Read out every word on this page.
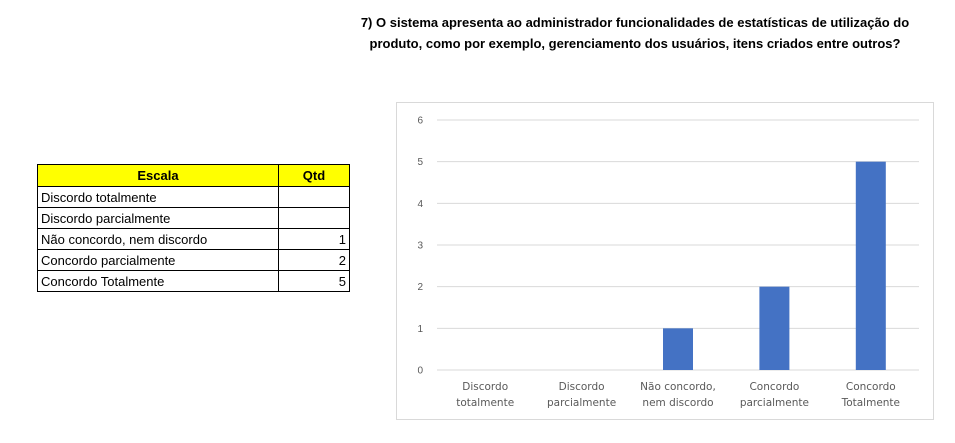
7) O sistema apresenta ao administrador funcionalidades de estatísticas de utilização do
produto, como por exemplo, gerenciamento dos usuários, itens criados entre outros?
Escala	Qtd
Discordo totalmente	
Discordo parcialmente	
Não concordo, nem discordo	1
Concordo parcialmente	2
Concordo Totalmente	5
0
1
2
3
4
5
6
Discordo
totalmente
Discordo
parcialmente
Não concordo,
nem discordo
Concordo
parcialmente
Concordo
Totalmente
